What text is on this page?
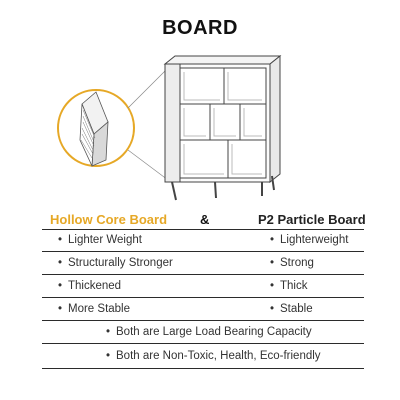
BOARD
Hollow Core Board	&	P2 Particle Board
• Lighter Weight	• Lighterweight
• Structurally Stronger	• Strong
• Thickened	• Thick
• More Stable	• Stable
• Both are Large Load Bearing Capacity
• Both are Non-Toxic, Health, Eco-friendly
